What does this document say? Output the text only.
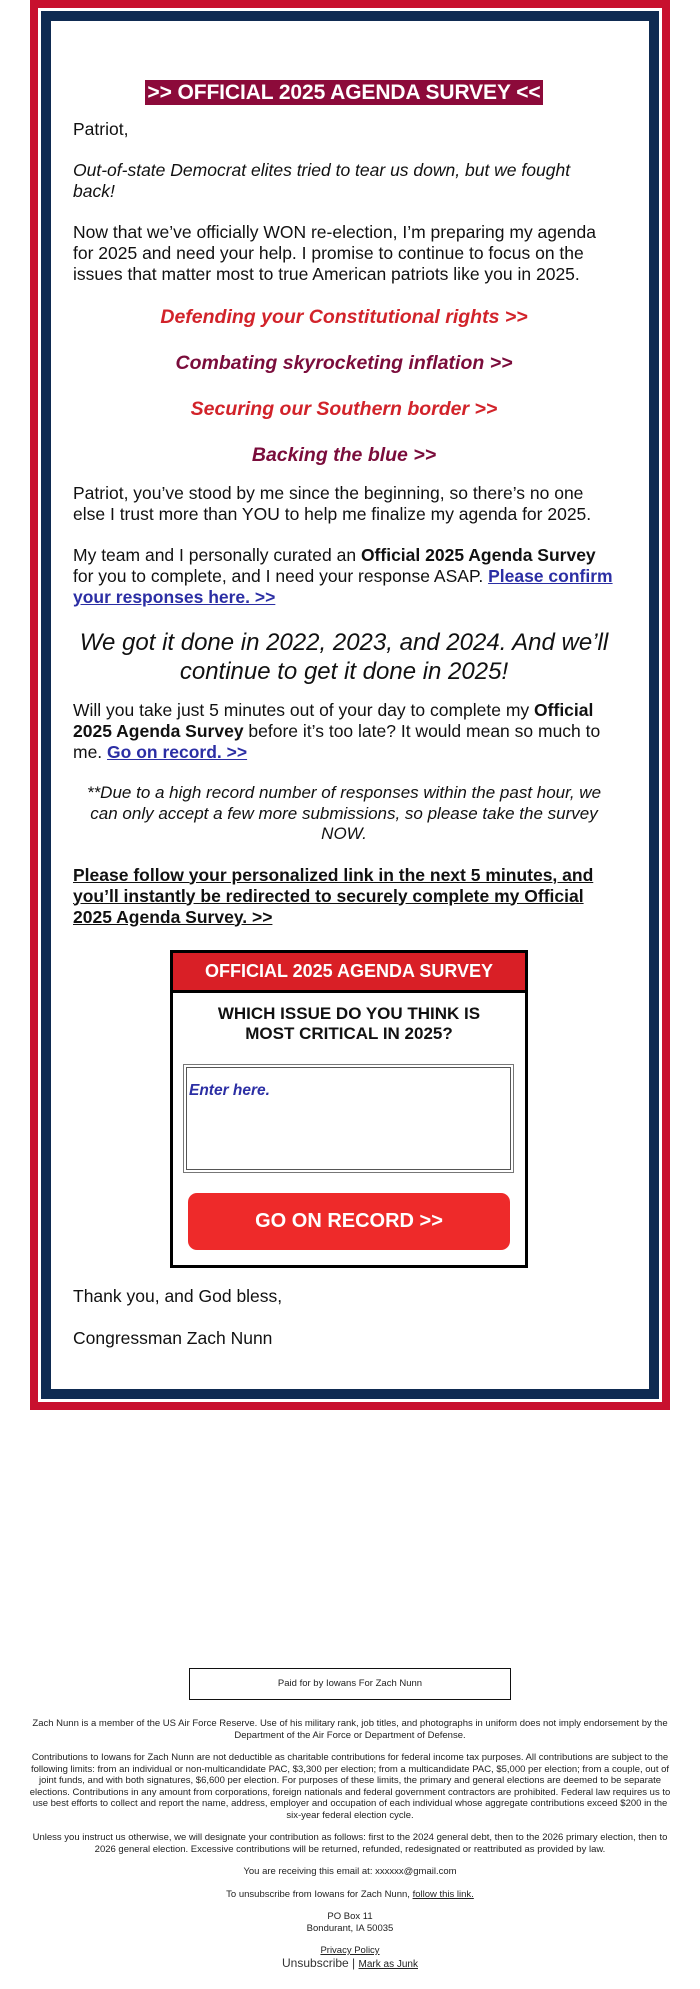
>> OFFICIAL 2025 AGENDA SURVEY <<

Patriot,

Out-of-state Democrat elites tried to tear us down, but we fought back!

Now that we’ve officially WON re-election, I’m preparing my agenda for 2025 and need your help. I promise to continue to focus on the issues that matter most to true American patriots like you in 2025.

Defending your Constitutional rights >>
Combating skyrocketing inflation >>
Securing our Southern border >>
Backing the blue >>

Patriot, you’ve stood by me since the beginning, so there’s no one else I trust more than YOU to help me finalize my agenda for 2025.

My team and I personally curated an Official 2025 Agenda Survey for you to complete, and I need your response ASAP. Please confirm your responses here. >>

We got it done in 2022, 2023, and 2024. And we’ll continue to get it done in 2025!

Will you take just 5 minutes out of your day to complete my Official 2025 Agenda Survey before it’s too late? It would mean so much to me. Go on record. >>

**Due to a high record number of responses within the past hour, we can only accept a few more submissions, so please take the survey NOW.

Please follow your personalized link in the next 5 minutes, and you’ll instantly be redirected to securely complete my Official 2025 Agenda Survey. >>
OFFICIAL 2025 AGENDA SURVEY
WHICH ISSUE DO YOU THINK IS MOST CRITICAL IN 2025?
Enter here.
GO ON RECORD >>

Thank you, and God bless,

Congressman Zach Nunn

Paid for by Iowans For Zach Nunn

Zach Nunn is a member of the US Air Force Reserve. Use of his military rank, job titles, and photographs in uniform does not imply endorsement by the Department of the Air Force or Department of Defense.

Contributions to Iowans for Zach Nunn are not deductible as charitable contributions for federal income tax purposes. All contributions are subject to the following limits: from an individual or non-multicandidate PAC, $3,300 per election; from a multicandidate PAC, $5,000 per election; from a couple, out of joint funds, and with both signatures, $6,600 per election. For purposes of these limits, the primary and general elections are deemed to be separate elections. Contributions in any amount from corporations, foreign nationals and federal government contractors are prohibited. Federal law requires us to use best efforts to collect and report the name, address, employer and occupation of each individual whose aggregate contributions exceed $200 in the six-year federal election cycle.

Unless you instruct us otherwise, we will designate your contribution as follows: first to the 2024 general debt, then to the 2026 primary election, then to 2026 general election. Excessive contributions will be returned, refunded, redesignated or reattributed as provided by law.

You are receiving this email at: xxxxxx@gmail.com

To unsubscribe from Iowans for Zach Nunn, follow this link.

PO Box 11
Bondurant, IA 50035
Privacy Policy
Unsubscribe | Mark as Junk
